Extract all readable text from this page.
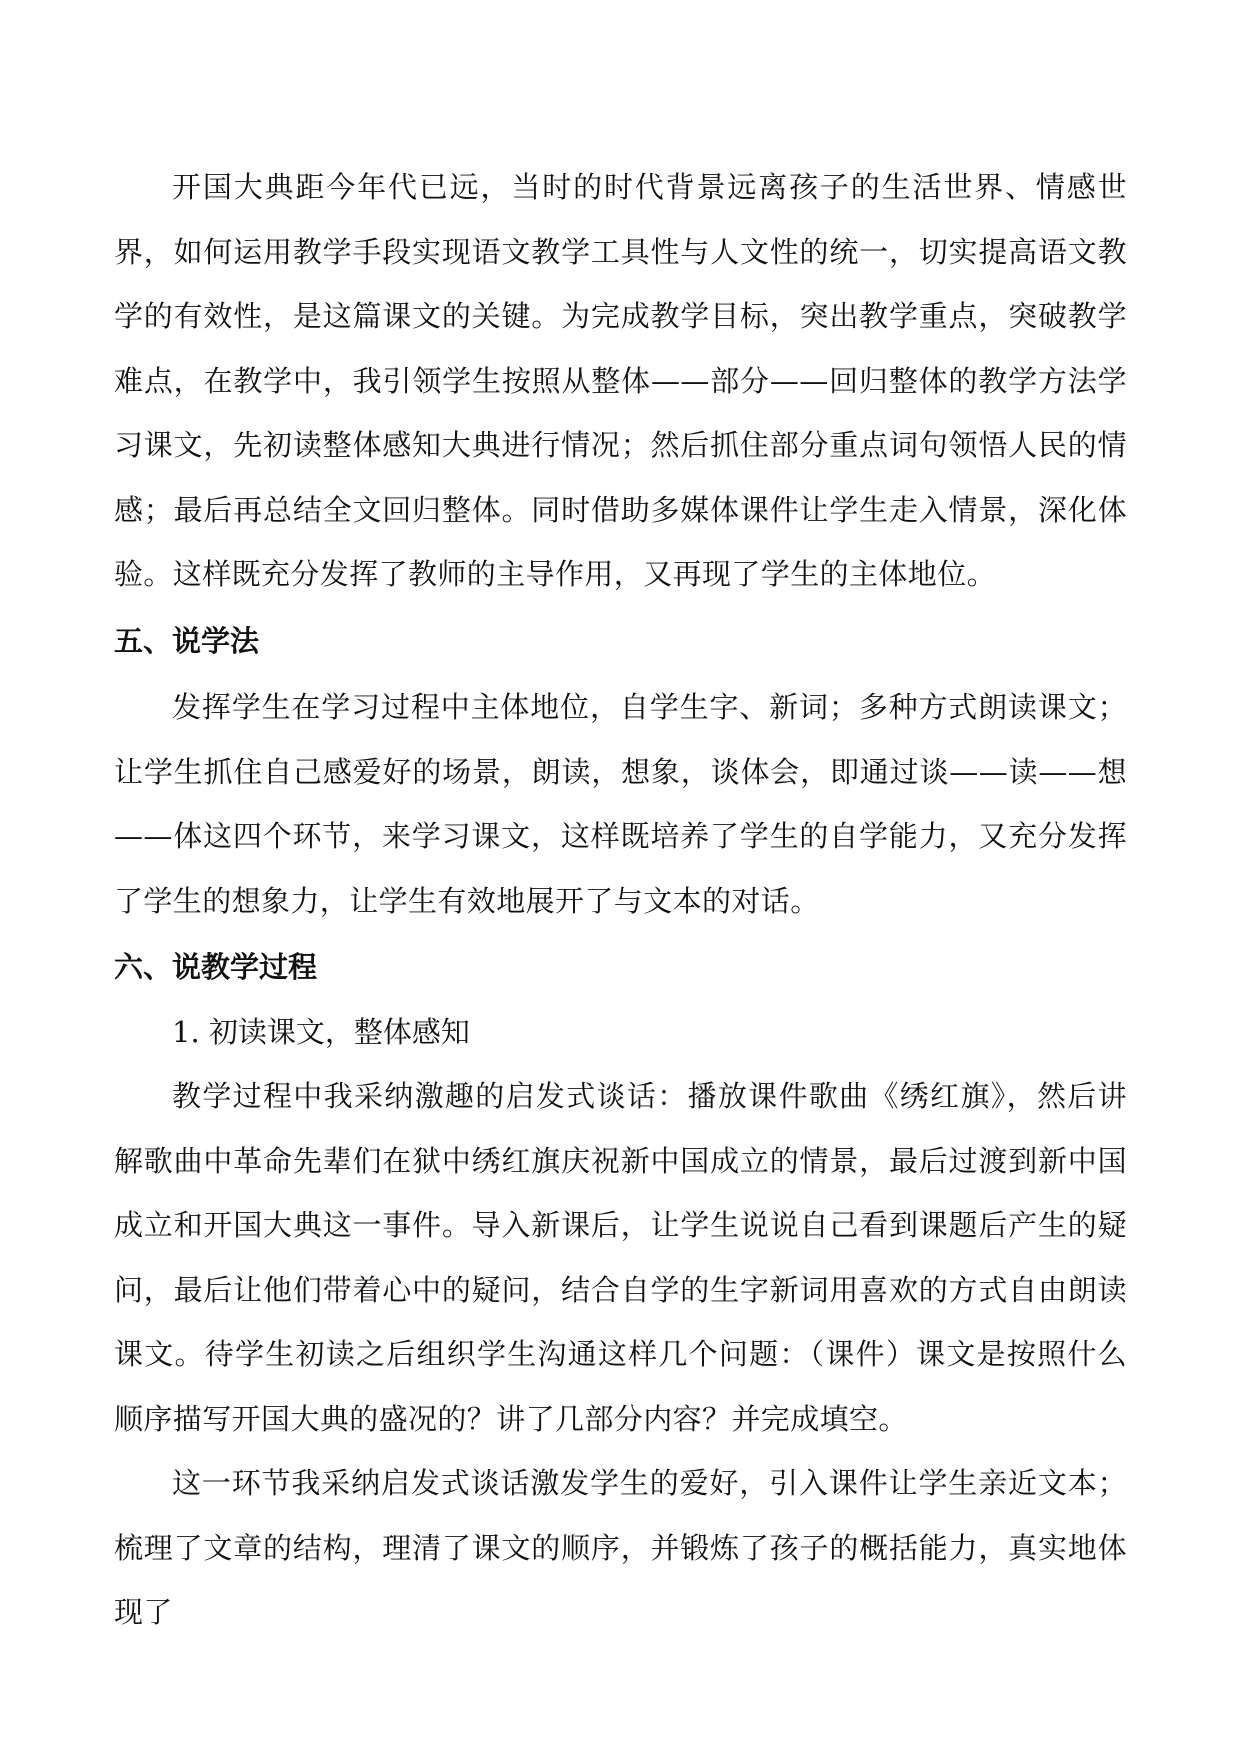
开国大典距今年代已远，当时的时代背景远离孩子的生活世界、情感世界，如何运用教学手段实现语文教学工具性与人文性的统一，切实提高语文教学的有效性，是这篇课文的关键。为完成教学目标，突出教学重点，突破教学难点，在教学中，我引领学生按照从整体——部分——回归整体的教学方法学习课文，先初读整体感知大典进行情况；然后抓住部分重点词句领悟人民的情感；最后再总结全文回归整体。同时借助多媒体课件让学生走入情景，深化体验。这样既充分发挥了教师的主导作用，又再现了学生的主体地位。

五、说学法

发挥学生在学习过程中主体地位，自学生字、新词；多种方式朗读课文；让学生抓住自己感爱好的场景，朗读，想象，谈体会，即通过谈——读——想——体这四个环节，来学习课文，这样既培养了学生的自学能力，又充分发挥了学生的想象力，让学生有效地展开了与文本的对话。

六、说教学过程

1. 初读课文，整体感知

教学过程中我采纳激趣的启发式谈话：播放课件歌曲《绣红旗》，然后讲解歌曲中革命先辈们在狱中绣红旗庆祝新中国成立的情景，最后过渡到新中国成立和开国大典这一事件。导入新课后，让学生说说自己看到课题后产生的疑问，最后让他们带着心中的疑问，结合自学的生字新词用喜欢的方式自由朗读课文。待学生初读之后组织学生沟通这样几个问题：（课件）课文是按照什么顺序描写开国大典的盛况的？讲了几部分内容？并完成填空。

这一环节我采纳启发式谈话激发学生的爱好，引入课件让学生亲近文本；梳理了文章的结构，理清了课文的顺序，并锻炼了孩子的概括能力，真实地体现了
